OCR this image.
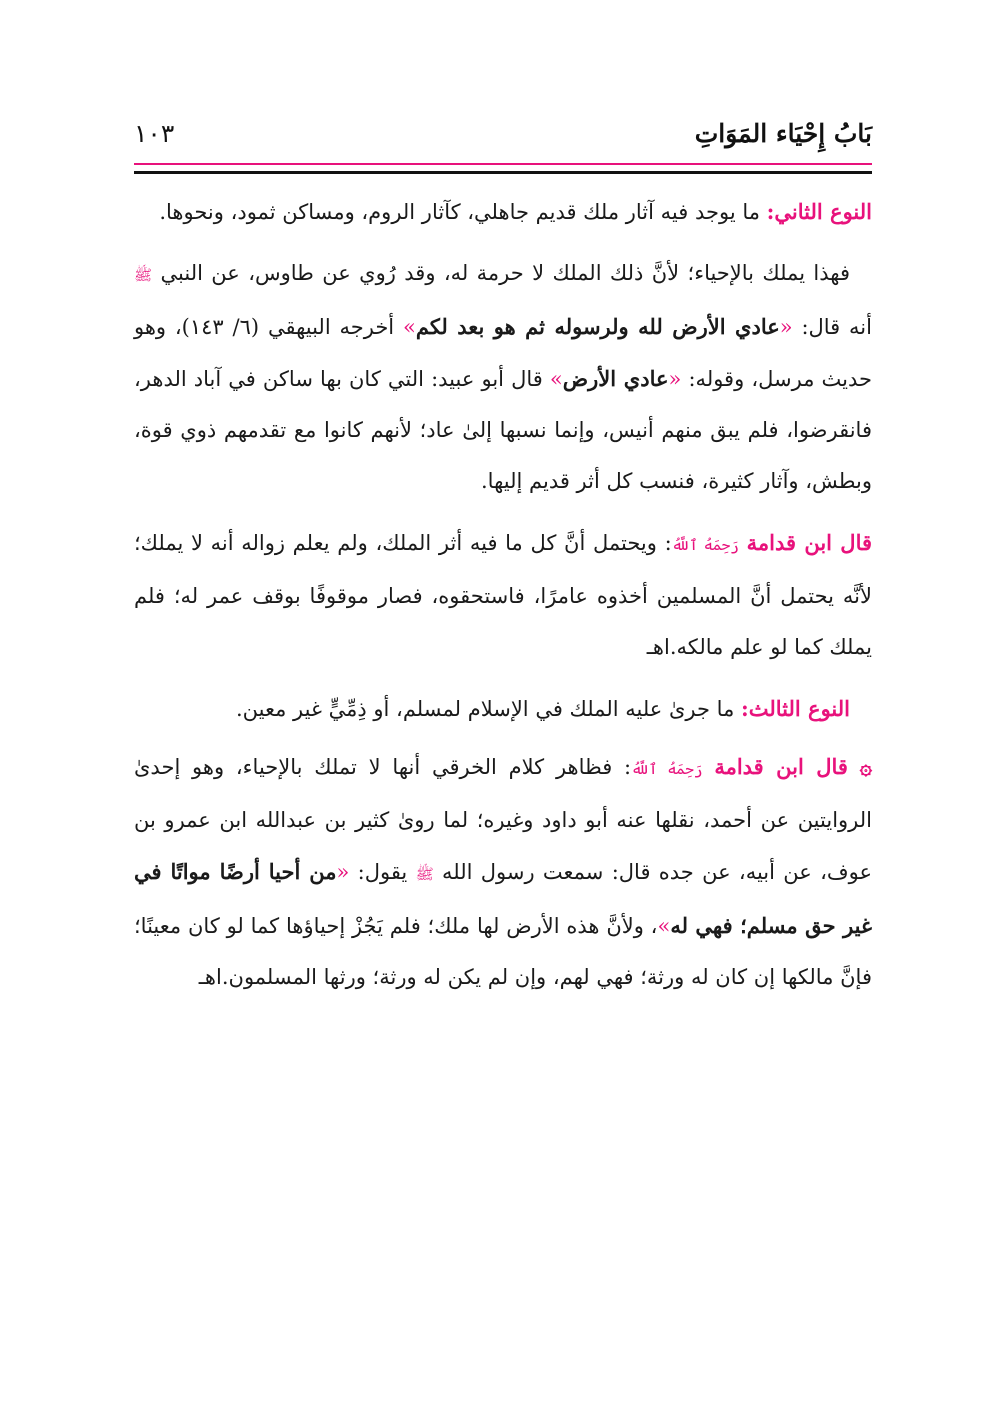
بَابُ إِحْيَاء المَوَاتِ
١٠٣

النوع الثاني: ما يوجد فيه آثار ملك قديم جاهلي، كآثار الروم، ومساكن ثمود، ونحوها.

فهذا يملك بالإحياء؛ لأنَّ ذلك الملك لا حرمة له، وقد رُوي عن طاوس، عن النبي ﷺ أنه قال: «عادي الأرض لله ولرسوله ثم هو بعد لكم» أخرجه البيهقي (٦/ ١٤٣)، وهو حديث مرسل، وقوله: «عادي الأرض» قال أبو عبيد: التي كان بها ساكن في آباد الدهر، فانقرضوا، فلم يبق منهم أنيس، وإنما نسبها إلىٰ عاد؛ لأنهم كانوا مع تقدمهم ذوي قوة، وبطش، وآثار كثيرة، فنسب كل أثر قديم إليها.

قال ابن قدامة رَحِمَهُ ٱللَّهُ: ويحتمل أنَّ كل ما فيه أثر الملك، ولم يعلم زواله أنه لا يملك؛ لأنَّه يحتمل أنَّ المسلمين أخذوه عامرًا، فاستحقوه، فصار موقوفًا بوقف عمر له؛ فلم يملك كما لو علم مالكه.اهـ

النوع الثالث: ما جرىٰ عليه الملك في الإسلام لمسلم، أو ذِمِّيٍّ غير معين.

۞ قال ابن قدامة رَحِمَهُ ٱللَّهُ: فظاهر كلام الخرقي أنها لا تملك بالإحياء، وهو إحدىٰ الروايتين عن أحمد، نقلها عنه أبو داود وغيره؛ لما روىٰ كثير بن عبدالله ابن عمرو بن عوف، عن أبيه، عن جده قال: سمعت رسول الله ﷺ يقول: «من أحيا أرضًا مواتًا في غير حق مسلم؛ فهي له»، ولأنَّ هذه الأرض لها ملك؛ فلم يَجُزْ إحياؤها كما لو كان معينًا؛ فإنَّ مالكها إن كان له ورثة؛ فهي لهم، وإن لم يكن له ورثة؛ ورثها المسلمون.اهـ
